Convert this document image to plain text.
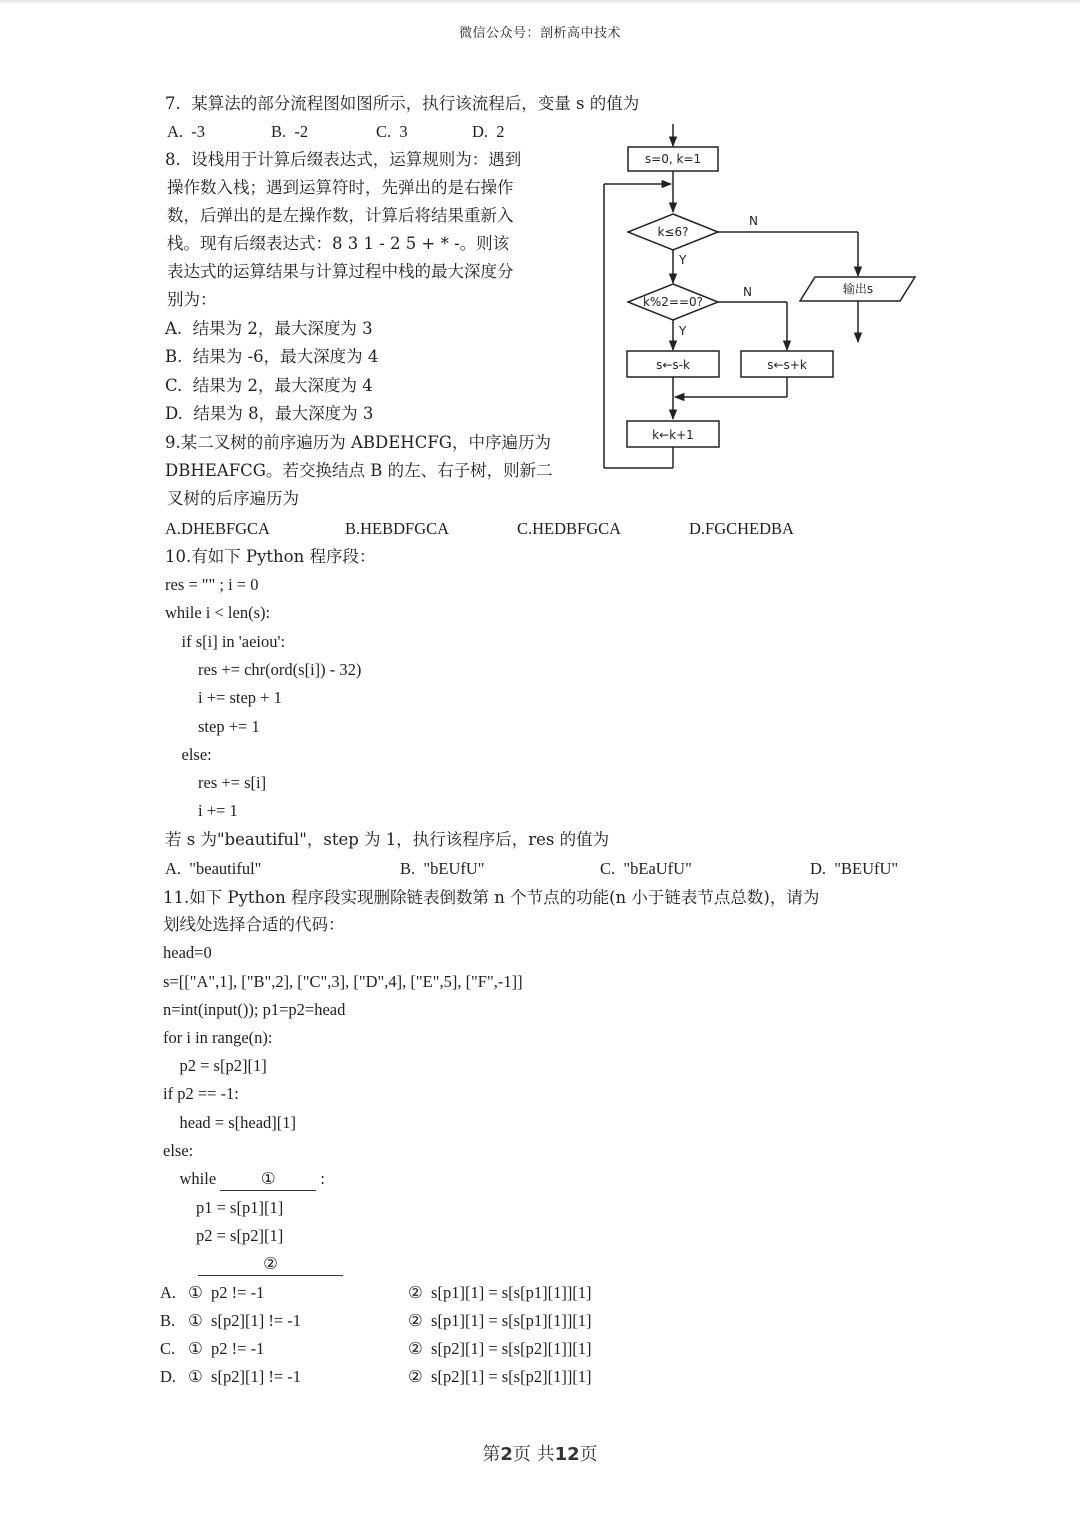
微信公众号：剖析高中技术
7.  某算法的部分流程图如图所示，执行该流程后，变量 s 的值为
A.  -3	B.  -2	C.  3	D.  2
8.  设栈用于计算后缀表达式，运算规则为：遇到
操作数入栈；遇到运算符时，先弹出的是右操作
数，后弹出的是左操作数，计算后将结果重新入
栈。现有后缀表达式：8 3 1 - 2 5 + * -。则该
表达式的运算结果与计算过程中栈的最大深度分
别为：
A.  结果为 2，最大深度为 3
B.  结果为 -6，最大深度为 4
C.  结果为 2，最大深度为 4
D.  结果为 8，最大深度为 3
9.某二叉树的前序遍历为 ABDEHCFG，中序遍历为
DBHEAFCG。若交换结点 B 的左、右子树，则新二
叉树的后序遍历为
A.DHEBFGCA	B.HEBDFGCA	C.HEDBFGCA	D.FGCHEDBA
s=0, k=1
k≤6?
Y
N
k%2==0?
Y
N	输出s
s←s-k	s←s+k
k←k+1
10.有如下 Python 程序段：
res = "" ; i = 0
while i < len(s):
if s[i] in 'aeiou':
res += chr(ord(s[i]) - 32)
i += step + 1
step += 1
else:
res += s[i]
i += 1
若 s 为"beautiful"，step 为 1，执行该程序后，res 的值为
A.  "beautiful"	B.  "bEUfU"	C.  "bEaUfU"	D.  "BEUfU"
11.如下 Python 程序段实现删除链表倒数第 n 个节点的功能(n 小于链表节点总数)，请为
划线处选择合适的代码：
head=0
s=[["A",1], ["B",2], ["C",3], ["D",4], ["E",5], ["F",-1]]
n=int(input()); p1=p2=head
for i in range(n):
p2 = s[p2][1]
if p2 == -1:
head = s[head][1]
else:
while ① :
p1 = s[p1][1]
p2 = s[p2][1]
②
A. ①  p2 != -1	②  s[p1][1] = s[s[p1][1]][1]
B. ①  s[p2][1] != -1	②  s[p1][1] = s[s[p1][1]][1]
C. ①  p2 != -1	②  s[p2][1] = s[s[p2][1]][1]
D. ①  s[p2][1] != -1	②  s[p2][1] = s[s[p2][1]][1]
第2页 共12页
